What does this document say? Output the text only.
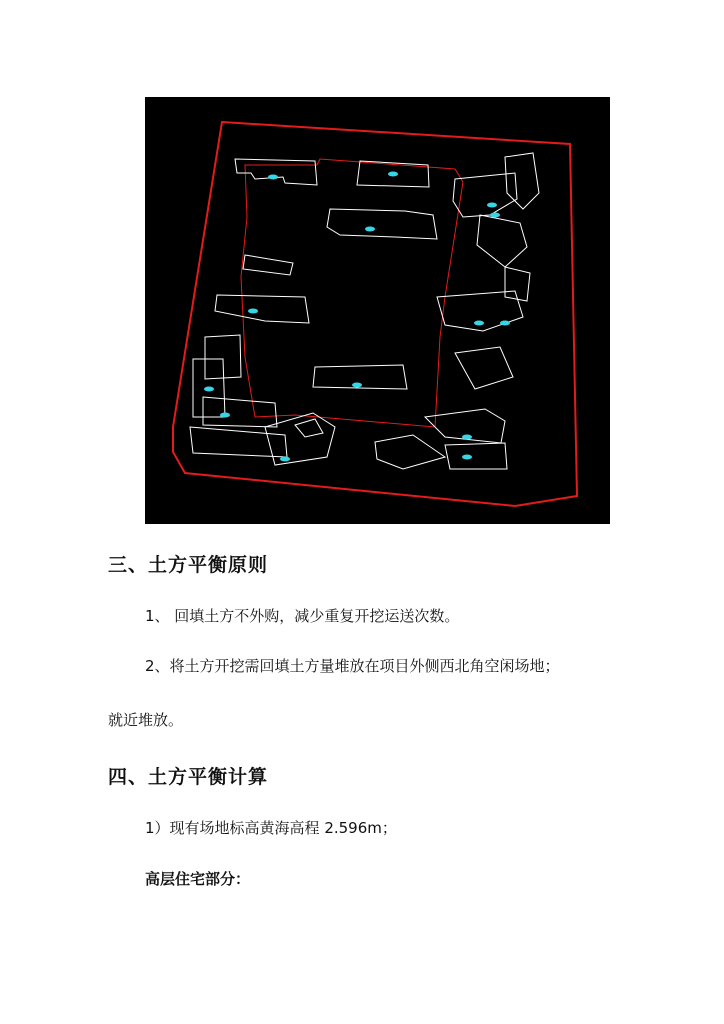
三、土方平衡原则

1、 回填土方不外购，减少重复开挖运送次数。

2、将土方开挖需回填土方量堆放在项目外侧西北角空闲场地；

就近堆放。

四、土方平衡计算

1）现有场地标高黄海高程 2.596m；

高层住宅部分：
